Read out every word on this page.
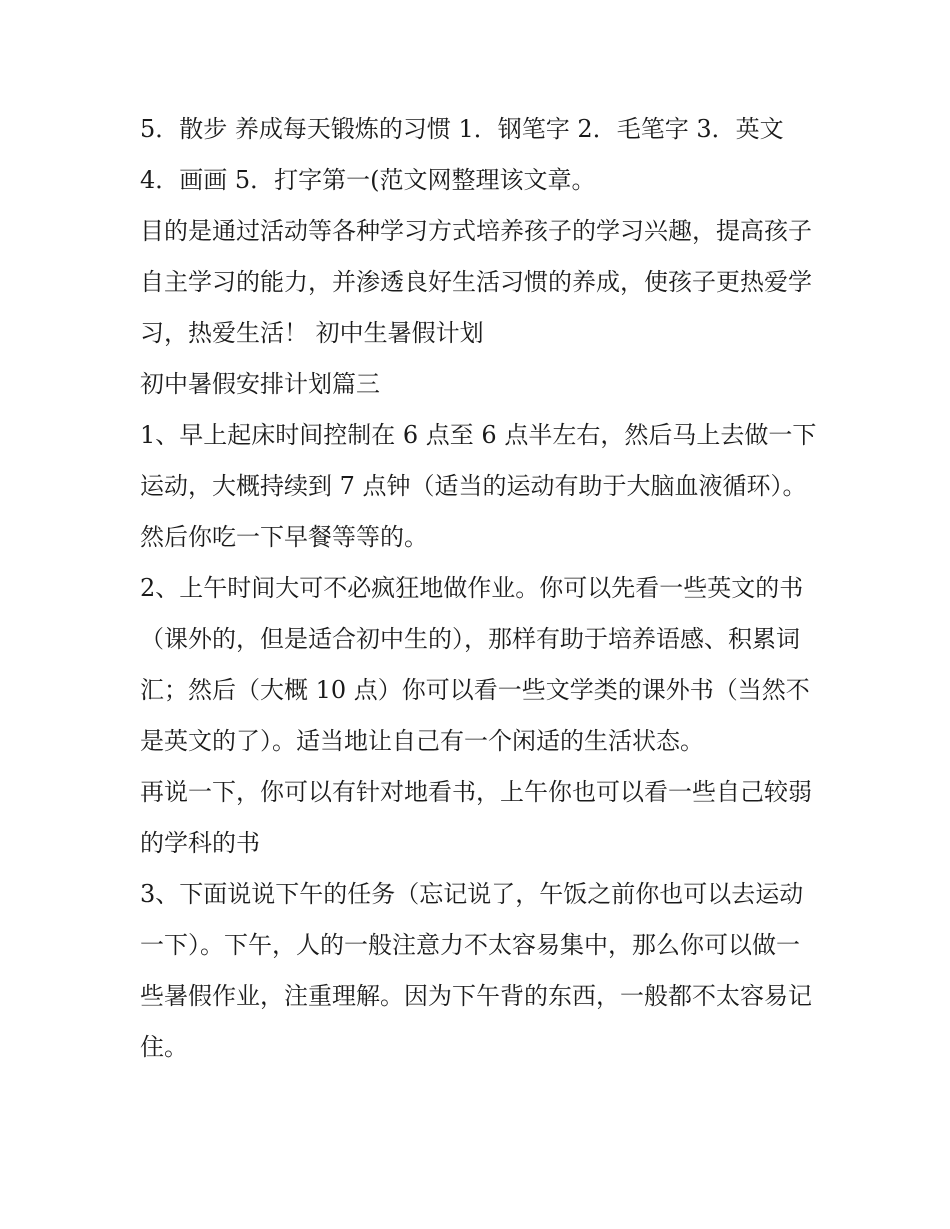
5．散步 养成每天锻炼的习惯 1．钢笔字 2．毛笔字 3．英文 4．画画 5．打字第一(范文网整理该文章。

目的是通过活动等各种学习方式培养孩子的学习兴趣，提高孩子自主学习的能力，并渗透良好生活习惯的养成，使孩子更热爱学习，热爱生活！ 初中生暑假计划

初中暑假安排计划篇三

1、早上起床时间控制在 6 点至 6 点半左右，然后马上去做一下运动，大概持续到 7 点钟（适当的运动有助于大脑血液循环）。然后你吃一下早餐等等的。

2、上午时间大可不必疯狂地做作业。你可以先看一些英文的书（课外的，但是适合初中生的），那样有助于培养语感、积累词汇；然后（大概 10 点）你可以看一些文学类的课外书（当然不是英文的了）。适当地让自己有一个闲适的生活状态。

再说一下，你可以有针对地看书，上午你也可以看一些自己较弱的学科的书

3、下面说说下午的任务（忘记说了，午饭之前你也可以去运动一下）。下午，人的一般注意力不太容易集中，那么你可以做一些暑假作业，注重理解。因为下午背的东西，一般都不太容易记住。
